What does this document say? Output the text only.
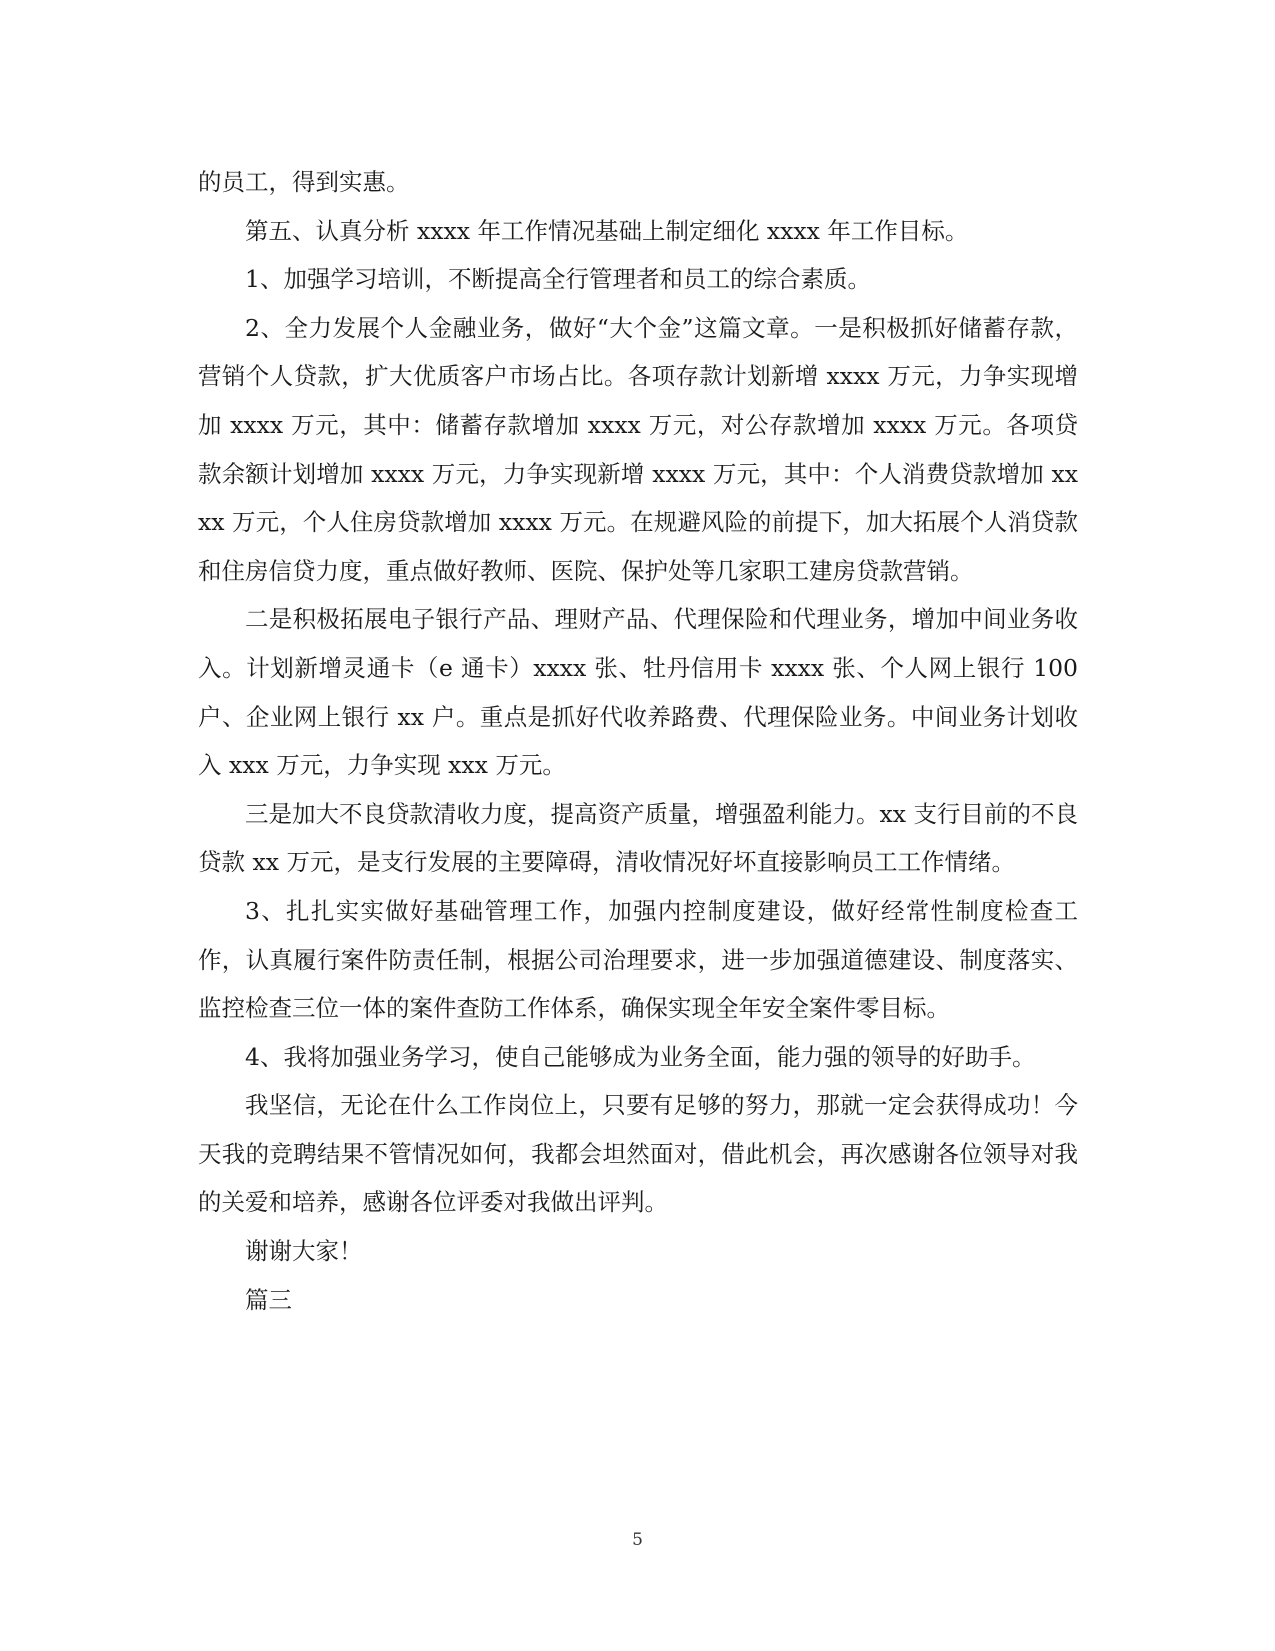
的员工，得到实惠。

第五、认真分析 xxxx 年工作情况基础上制定细化 xxxx 年工作目标。

1、加强学习培训，不断提高全行管理者和员工的综合素质。

2、全力发展个人金融业务，做好“大个金”这篇文章。一是积极抓好储蓄存款，营销个人贷款，扩大优质客户市场占比。各项存款计划新增 xxxx 万元，力争实现增加 xxxx 万元，其中：储蓄存款增加 xxxx 万元，对公存款增加 xxxx 万元。各项贷款余额计划增加 xxxx 万元，力争实现新增 xxxx 万元，其中：个人消费贷款增加 xxxx 万元，个人住房贷款增加 xxxx 万元。在规避风险的前提下，加大拓展个人消贷款和住房信贷力度，重点做好教师、医院、保护处等几家职工建房贷款营销。

二是积极拓展电子银行产品、理财产品、代理保险和代理业务，增加中间业务收入。计划新增灵通卡（e 通卡）xxxx 张、牡丹信用卡 xxxx 张、个人网上银行 100 户、企业网上银行 xx 户。重点是抓好代收养路费、代理保险业务。中间业务计划收入 xxx 万元，力争实现 xxx 万元。

三是加大不良贷款清收力度，提高资产质量，增强盈利能力。xx 支行目前的不良贷款 xx 万元，是支行发展的主要障碍，清收情况好坏直接影响员工工作情绪。

3、扎扎实实做好基础管理工作，加强内控制度建设，做好经常性制度检查工作，认真履行案件防责任制，根据公司治理要求，进一步加强道德建设、制度落实、监控检查三位一体的案件查防工作体系，确保实现全年安全案件零目标。

4、我将加强业务学习，使自己能够成为业务全面，能力强的领导的好助手。

我坚信，无论在什么工作岗位上，只要有足够的努力，那就一定会获得成功！今天我的竞聘结果不管情况如何，我都会坦然面对，借此机会，再次感谢各位领导对我的关爱和培养，感谢各位评委对我做出评判。

谢谢大家！

篇三

5
